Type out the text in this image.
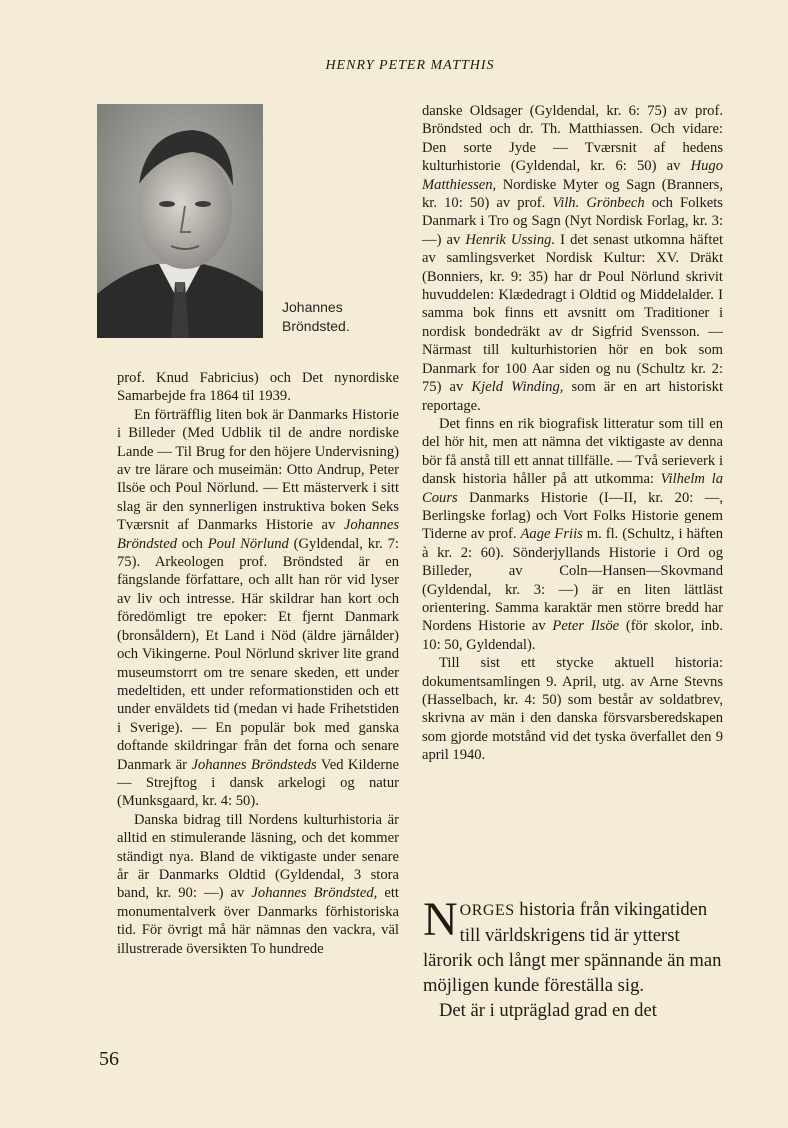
HENRY PETER MATTHIS
Johannes
Bröndsted.

prof. Knud Fabricius) och Det nynordiske Samarbejde fra 1864 til 1939.

En förträfflig liten bok är Danmarks Historie i Billeder (Med Udblik til de andre nordiske Lande — Til Brug for den höjere Undervisning) av tre lärare och museimän: Otto Andrup, Peter Ilsöe och Poul Nörlund. — Ett mästerverk i sitt slag är den synnerligen instruktiva boken Seks Tværsnit af Danmarks Historie av Johannes Bröndsted och Poul Nörlund (Gyldendal, kr. 7: 75). Arkeologen prof. Bröndsted är en fängslande författare, och allt han rör vid lyser av liv och intresse. Här skildrar han kort och föredömligt tre epoker: Et fjernt Danmark (bronsåldern), Et Land i Nöd (äldre järnålder) och Vikingerne. Poul Nörlund skriver lite grand museumstorrt om tre senare skeden, ett under medeltiden, ett under reformationstiden och ett under enväldets tid (medan vi hade Frihetstiden i Sverige). — En populär bok med ganska doftande skildringar från det forna och senare Danmark är Johannes Bröndsteds Ved Kilderne — Strejftog i dansk arkelogi og natur (Munksgaard, kr. 4: 50).

Danska bidrag till Nordens kulturhistoria är alltid en stimulerande läsning, och det kommer ständigt nya. Bland de viktigaste under senare år är Danmarks Oldtid (Gyldendal, 3 stora band, kr. 90: —) av Johannes Bröndsted, ett monumentalverk över Danmarks förhistoriska tid. För övrigt må här nämnas den vackra, väl illustrerade översikten To hundrede

danske Oldsager (Gyldendal, kr. 6: 75) av prof. Bröndsted och dr. Th. Matthiassen. Och vidare: Den sorte Jyde — Tværsnit af hedens kulturhistorie (Gyldendal, kr. 6: 50) av Hugo Matthiessen, Nordiske Myter og Sagn (Branners, kr. 10: 50) av prof. Vilh. Grönbech och Folkets Danmark i Tro og Sagn (Nyt Nordisk Forlag, kr. 3: —) av Henrik Ussing. I det senast utkomna häftet av samlingsverket Nordisk Kultur: XV. Dräkt (Bonniers, kr. 9: 35) har dr Poul Nörlund skrivit huvuddelen: Klædedragt i Oldtid og Middelalder. I samma bok finns ett avsnitt om Traditioner i nordisk bondedräkt av dr Sigfrid Svensson. — Närmast till kulturhistorien hör en bok som Danmark for 100 Aar siden og nu (Schultz kr. 2: 75) av Kjeld Winding, som är en art historiskt reportage.

Det finns en rik biografisk litteratur som till en del hör hit, men att nämna det viktigaste av denna bör få anstå till ett annat tillfälle. — Två serieverk i dansk historia håller på att utkomma: Vilhelm la Cours Danmarks Historie (I—II, kr. 20: —, Berlingske forlag) och Vort Folks Historie genem Tiderne av prof. Aage Friis m. fl. (Schultz, i häften à kr. 2: 60). Sönderjyllands Historie i Ord og Billeder, av Coln—Hansen—Skovmand (Gyldendal, kr. 3: —) är en liten lättläst orientering. Samma karaktär men större bredd har Nordens Historie av Peter Ilsöe (för skolor, inb. 10: 50, Gyldendal).

Till sist ett stycke aktuell historia: dokumentsamlingen 9. April, utg. av Arne Stevns (Hasselbach, kr. 4: 50) som består av soldatbrev, skrivna av män i den danska försvarsberedskapen som gjorde motstånd vid det tyska överfallet den 9 april 1940.

NORGES historia från vikingatiden till världskrigens tid är ytterst lärorik och långt mer spännande än man möjligen kunde föreställa sig.

Det är i utpräglad grad en det

56
